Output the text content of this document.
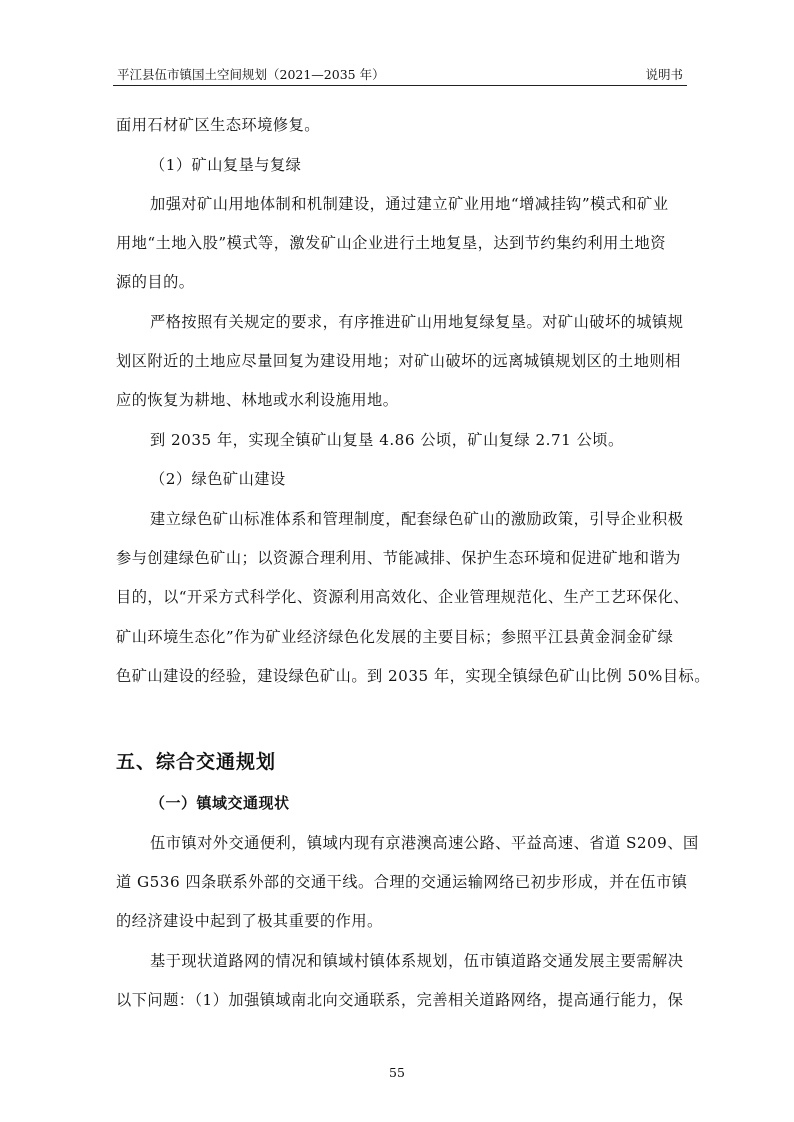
平江县伍市镇国土空间规划（2021—2035 年）	说明书
面用石材矿区生态环境修复。
（1）矿山复垦与复绿
加强对矿山用地体制和机制建设，通过建立矿业用地“增减挂钩”模式和矿业
用地“土地入股”模式等，激发矿山企业进行土地复垦，达到节约集约利用土地资
源的目的。
严格按照有关规定的要求，有序推进矿山用地复绿复垦。对矿山破坏的城镇规
划区附近的土地应尽量回复为建设用地；对矿山破坏的远离城镇规划区的土地则相
应的恢复为耕地、林地或水利设施用地。
到 2035 年，实现全镇矿山复垦 4.86 公顷，矿山复绿 2.71 公顷。
（2）绿色矿山建设
建立绿色矿山标准体系和管理制度，配套绿色矿山的激励政策，引导企业积极
参与创建绿色矿山；以资源合理利用、节能减排、保护生态环境和促进矿地和谐为
目的，以“开采方式科学化、资源利用高效化、企业管理规范化、生产工艺环保化、
矿山环境生态化”作为矿业经济绿色化发展的主要目标；参照平江县黄金洞金矿绿
色矿山建设的经验，建设绿色矿山。到 2035 年，实现全镇绿色矿山比例 50%目标。
五、综合交通规划
（一）镇域交通现状
伍市镇对外交通便利，镇域内现有京港澳高速公路、平益高速、省道 S209、国
道 G536 四条联系外部的交通干线。合理的交通运输网络已初步形成，并在伍市镇
的经济建设中起到了极其重要的作用。
基于现状道路网的情况和镇域村镇体系规划，伍市镇道路交通发展主要需解决
以下问题：（1）加强镇域南北向交通联系，完善相关道路网络，提高通行能力，保
55
